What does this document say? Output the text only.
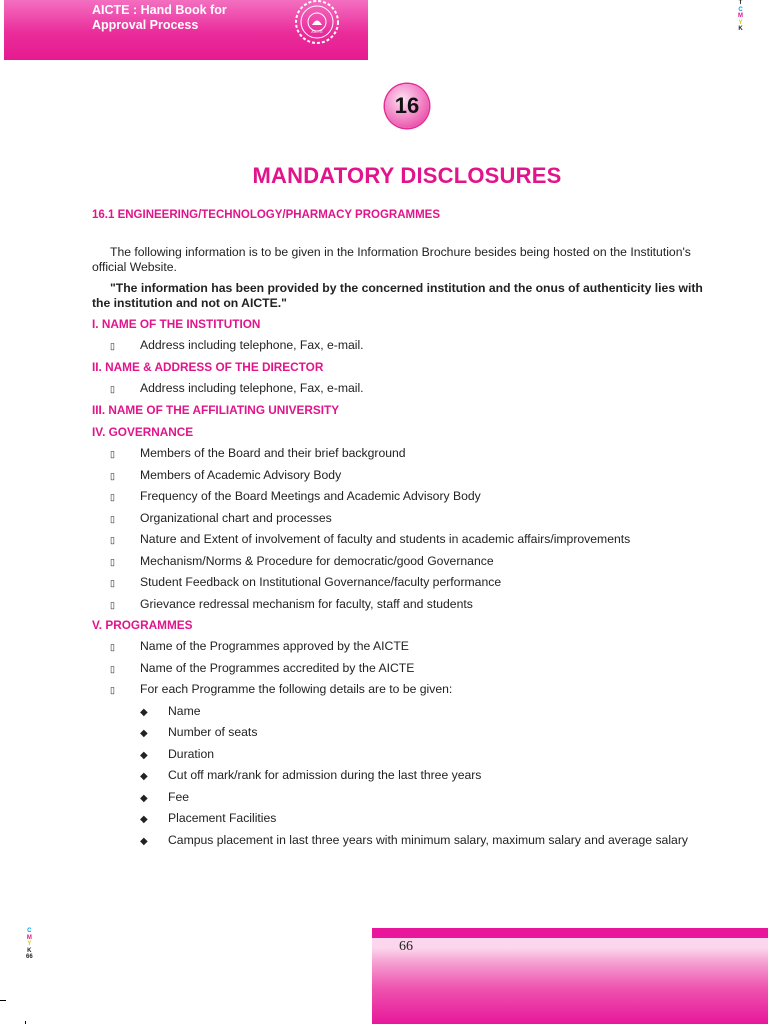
AICTE : Hand Book for
Approval Process	AICTE
T
C
M
Y
K
16
MANDATORY DISCLOSURES
16.1 ENGINEERING/TECHNOLOGY/PHARMACY PROGRAMMES
The following information is to be given in the Information Brochure besides being hosted on the Institution's official Website.
"The information has been provided by the concerned institution and the onus of authenticity lies with the institution and not on AICTE."
I. NAME OF THE INSTITUTION
▯ Address including telephone, Fax, e-mail.
II. NAME & ADDRESS OF THE DIRECTOR
▯ Address including telephone, Fax, e-mail.
III. NAME OF THE AFFILIATING UNIVERSITY
IV. GOVERNANCE
▯ Members of the Board and their brief background
▯ Members of Academic Advisory Body
▯ Frequency of the Board Meetings and Academic Advisory Body
▯ Organizational chart and processes
▯ Nature and Extent of involvement of faculty and students in academic affairs/improvements
▯ Mechanism/Norms & Procedure for democratic/good Governance
▯ Student Feedback on Institutional Governance/faculty performance
▯ Grievance redressal mechanism for faculty, staff and students
V. PROGRAMMES
▯ Name of the Programmes approved by the AICTE
▯ Name of the Programmes accredited by the AICTE
▯ For each Programme the following details are to be given:
◆ Name
◆ Number of seats
◆ Duration
◆ Cut off mark/rank for admission during the last three years
◆ Fee
◆ Placement Facilities
◆ Campus placement in last three years with minimum salary, maximum salary and average salary
C
M
Y
K
66
66
